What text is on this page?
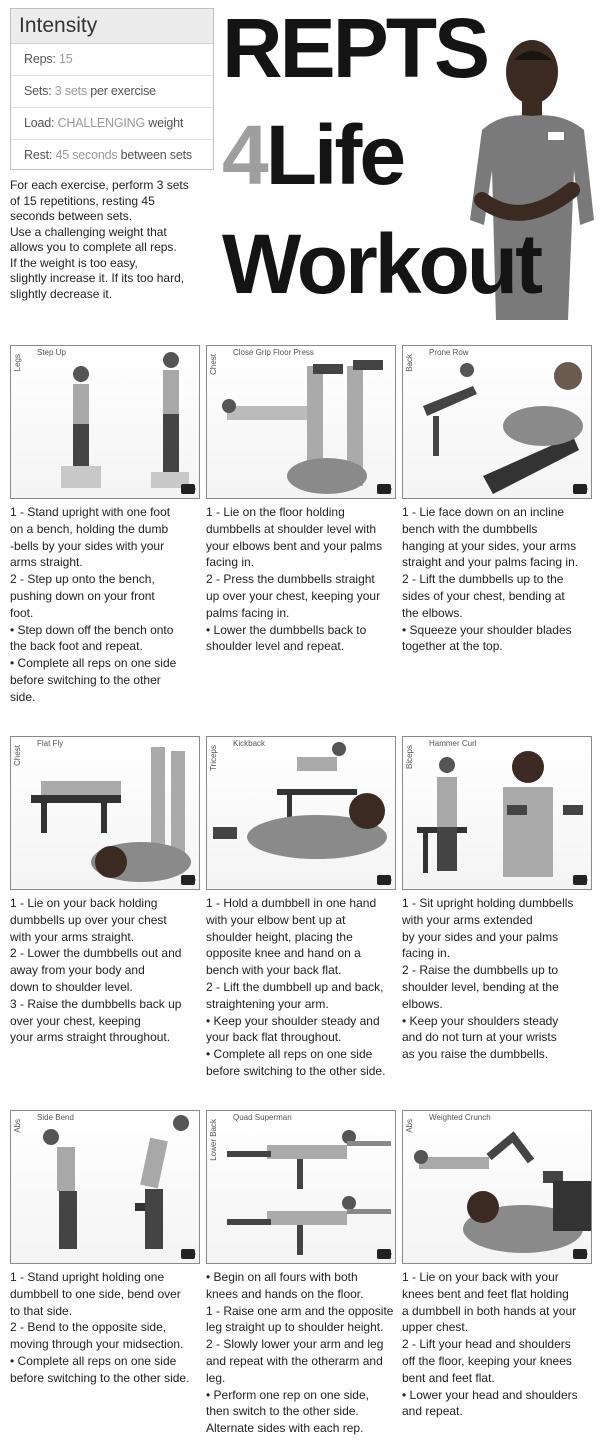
Intensity
Reps: 15
Sets: 3 sets per exercise
Load: CHALLENGING weight
Rest: 45 seconds between sets
For each exercise, perform 3 sets
of 15 repetitions, resting 45
seconds between sets.
Use a challenging weight that
allows you to complete all reps.
If the weight is too easy,
slightly increase it. If its too hard,
slightly decrease it.
REPTS
4Life
Workout
Step Up
Legs

1 - Stand upright with one foot

on a bench, holding the dumb

-bells by your sides with your

arms straight.

2 - Step up onto the bench,

pushing down on your front

foot.

• Step down off the bench onto

the back foot and repeat.

• Complete all reps on one side

before switching to the other

side.

Close Grip Floor Press
Chest

1 - Lie on the floor holding

dumbbells at shoulder level with

your elbows bent and your palms

facing in.

2 - Press the dumbbells straight

up over your chest, keeping your

palms facing in.

• Lower the dumbbells back to

shoulder level and repeat.

Prone Row
Back

1 - Lie face down on an incline

bench with the dumbbells

hanging at your sides, your arms

straight and your palms facing in.

2 - Lift the dumbbells up to the

sides of your chest, bending at

the elbows.

• Squeeze your shoulder blades

together at the top.

Flat Fly
Chest

1 - Lie on your back holding

dumbbells up over your chest

with your arms straight.

2 - Lower the dumbbells out and

away from your body and

down to shoulder level.

3 - Raise the dumbbells back up

over your chest, keeping

your arms straight throughout.

Kickback
Triceps

1 - Hold a dumbbell in one hand

with your elbow bent up at

shoulder height, placing the

opposite knee and hand on a

bench with your back flat.

2 - Lift the dumbbell up and back,

straightening your arm.

• Keep your shoulder steady and

your back flat throughout.

• Complete all reps on one side

before switching to the other side.

Hammer Curl
Biceps

1 - Sit upright holding dumbbells

with your arms extended

by your sides and your palms

facing in.

2 - Raise the dumbbells up to

shoulder level, bending at the

elbows.

• Keep your shoulders steady

and do not turn at your wrists

as you raise the dumbbells.

Side Bend
Abs

1 - Stand upright holding one

dumbbell to one side, bend over

to that side.

2 - Bend to the opposite side,

moving through your midsection.

• Complete all reps on one side

before switching to the other side.

Quad Superman
Lower Back

• Begin on all fours with both

knees and hands on the floor.

1 - Raise one arm and the opposite

leg straight up to shoulder height.

2 - Slowly lower your arm and leg

and repeat with the otherarm and

leg.

• Perform one rep on one side,

then switch to the other side.

Alternate sides with each rep.

Weighted Crunch
Abs

1 - Lie on your back with your

knees bent and feet flat holding

a dumbbell in both hands at your

upper chest.

2 - Lift your head and shoulders

off the floor, keeping your knees

bent and feet flat.

• Lower your head and shoulders

and repeat.
